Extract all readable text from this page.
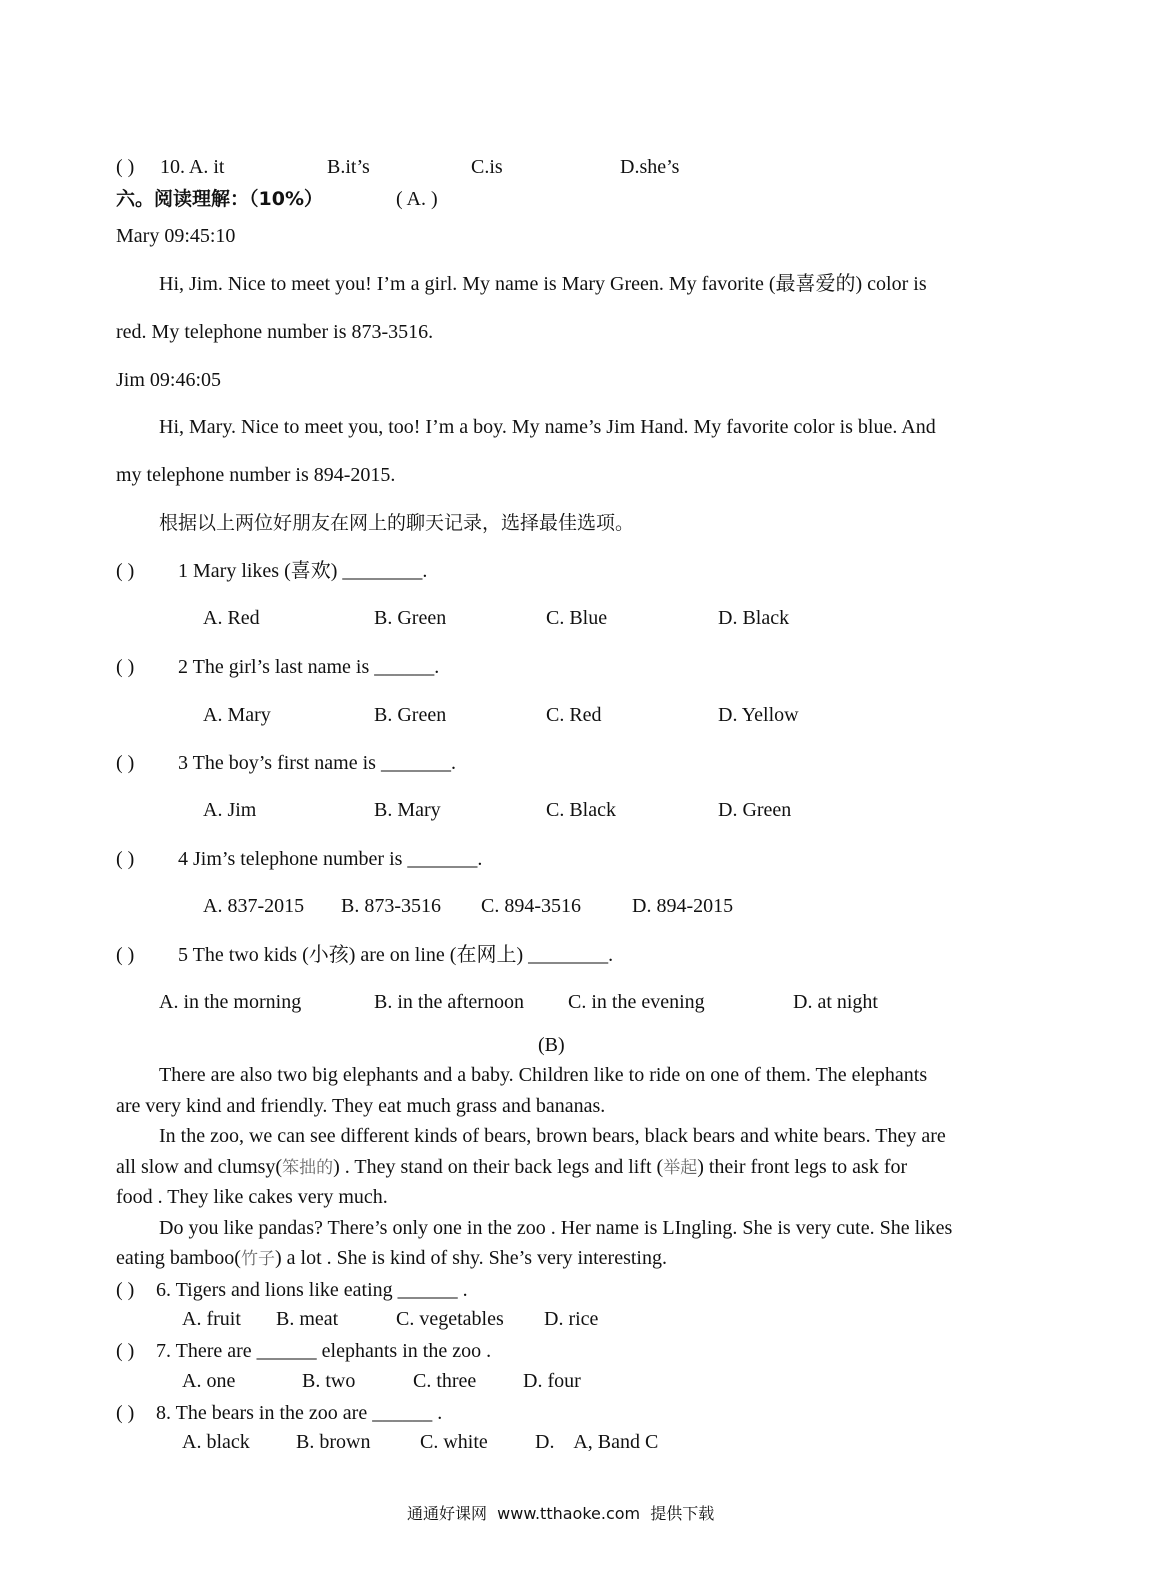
( ) 10. A. it	B.it’s	C.is	D.she’s
六。阅读理解：（10%）	( A. )
Mary 09:45:10
Hi, Jim. Nice to meet you! I’m a girl. My name is Mary Green. My favorite (最喜爱的) color is
red. My telephone number is 873-3516.
Jim 09:46:05
Hi, Mary. Nice to meet you, too! I’m a boy. My name’s Jim Hand. My favorite color is blue. And
my telephone number is 894-2015.
根据以上两位好朋友在网上的聊天记录，选择最佳选项。
( ) 1 Mary likes (喜欢) ________.
A. Red	B. Green	C. Blue	D. Black
( ) 2 The girl’s last name is ______.
A. Mary	B. Green	C. Red	D. Yellow
( ) 3 The boy’s first name is _______.
A. Jim	B. Mary	C. Black	D. Green
( ) 4 Jim’s telephone number is _______.
A. 837-2015 B. 873-3516 C. 894-3516	D. 894-2015
( ) 5 The two kids (小孩) are on line (在网上) ________.
A. in the morning	B. in the afternoon C. in the evening	D. at night
(B)
There are also two big elephants and a baby. Children like to ride on one of them. The elephants
are very kind and friendly. They eat much grass and bananas.
In the zoo, we can see different kinds of bears, brown bears, black bears and white bears. They are
all slow and clumsy(笨拙的) . They stand on their back legs and lift (举起) their front legs to ask for
food . They like cakes very much.
Do you like pandas? There’s only one in the zoo . Her name is LIngling. She is very cute. She likes
eating bamboo(竹子) a lot . She is kind of shy. She’s very interesting.
( ) 6. Tigers and lions like eating ______ .
A. fruit B. meat	C. vegetables D. rice
( ) 7. There are ______ elephants in the zoo .
A. one	B. two	C. three D. four
( ) 8. The bears in the zoo are ______ .
A. black B. brown C. white D.    A, Band C
通通好课网  www.tthaoke.com  提供下载
